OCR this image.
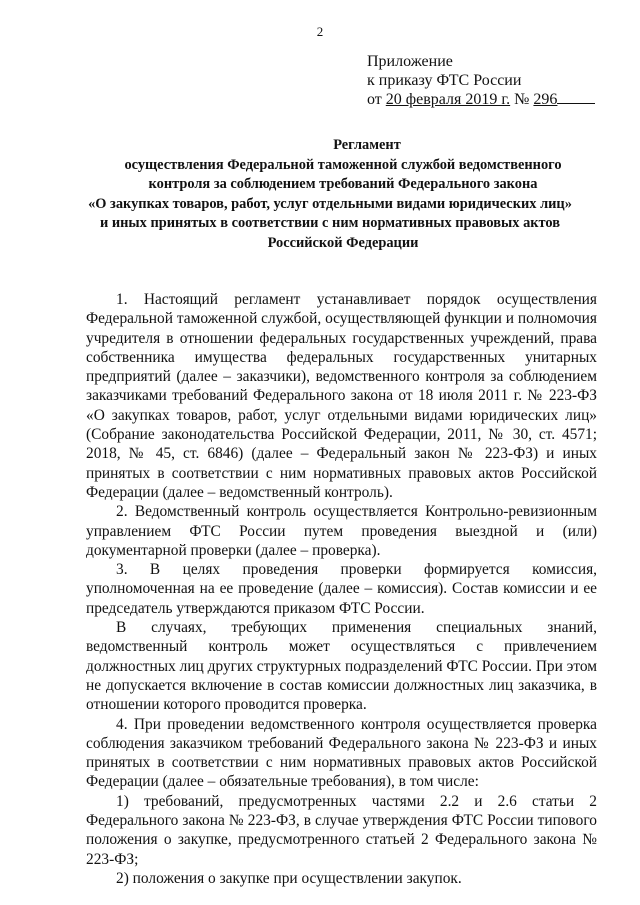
2
Приложение
к приказу ФТС России
от 20 февраля 2019 г. № 296
Регламент
осуществления Федеральной таможенной службой ведомственного
контроля за соблюдением требований Федерального закона
«О закупках товаров, работ, услуг отдельными видами юридических лиц»
и иных принятых в соответствии с ним нормативных правовых актов
Российской Федерации

1. Настоящий регламент устанавливает порядок осуществления Федеральной таможенной службой, осуществляющей функции и полномочия учредителя в отношении федеральных государственных учреждений, права собственника имущества федеральных государственных унитарных предприятий (далее – заказчики), ведомственного контроля за соблюдением заказчиками требований Федерального закона от 18 июля 2011 г. № 223-ФЗ «О закупках товаров, работ, услуг отдельными видами юридических лиц» (Собрание законодательства Российской Федерации, 2011, № 30, ст. 4571; 2018, № 45, ст. 6846) (далее – Федеральный закон № 223-ФЗ) и иных принятых в соответствии с ним нормативных правовых актов Российской Федерации (далее – ведомственный контроль).

2. Ведомственный контроль осуществляется Контрольно-ревизионным управлением ФТС России путем проведения выездной и (или) документарной проверки (далее – проверка).

3. В целях проведения проверки формируется комиссия, уполномоченная на ее проведение (далее – комиссия). Состав комиссии и ее председатель утверждаются приказом ФТС России.

В случаях, требующих применения специальных знаний, ведомственный контроль может осуществляться с привлечением должностных лиц других структурных подразделений ФТС России. При этом не допускается включение в состав комиссии должностных лиц заказчика, в отношении которого проводится проверка.

4. При проведении ведомственного контроля осуществляется проверка соблюдения заказчиком требований Федерального закона № 223-ФЗ и иных принятых в соответствии с ним нормативных правовых актов Российской Федерации (далее – обязательные требования), в том числе:

1) требований, предусмотренных частями 2.2 и 2.6 статьи 2 Федерального закона № 223-ФЗ, в случае утверждения ФТС России типового положения о закупке, предусмотренного статьей 2 Федерального закона № 223-ФЗ;

2) положения о закупке при осуществлении закупок.
